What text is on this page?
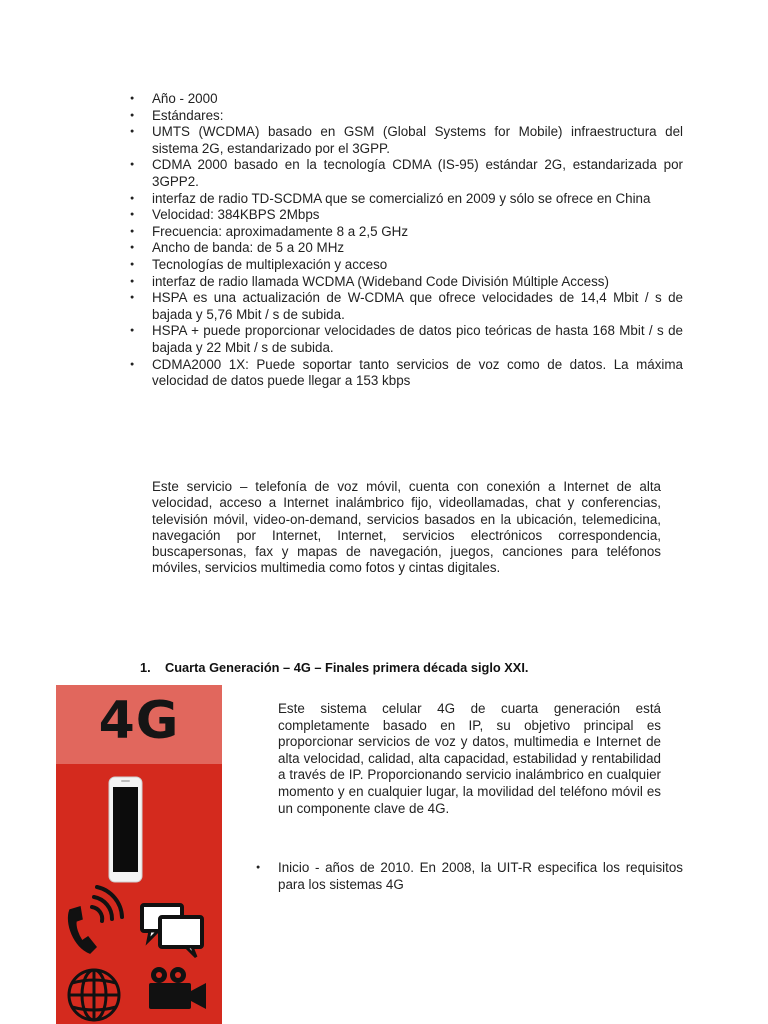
● Año - 2000
● Estándares:
● UMTS (WCDMA) basado en GSM (Global Systems for Mobile) infraestructura del sistema 2G, estandarizado por el 3GPP.
● CDMA 2000 basado en la tecnología CDMA (IS-95) estándar 2G, estandarizada por 3GPP2.
● interfaz de radio TD-SCDMA que se comercializó en 2009 y sólo se ofrece en China
● Velocidad: 384KBPS 2Mbps
● Frecuencia: aproximadamente 8 a 2,5 GHz
● Ancho de banda: de 5 a 20 MHz
● Tecnologías de multiplexación y acceso
● interfaz de radio llamada WCDMA (Wideband Code División Múltiple Access)
● HSPA es una actualización de W-CDMA que ofrece velocidades de 14,4 Mbit / s de bajada y 5,76 Mbit / s de subida.
● HSPA + puede proporcionar velocidades de datos pico teóricas de hasta 168 Mbit / s de bajada y 22 Mbit / s de subida.
● CDMA2000 1X: Puede soportar tanto servicios de voz como de datos. La máxima velocidad de datos puede llegar a 153 kbps

Este servicio – telefonía de voz móvil, cuenta con conexión a Internet de alta velocidad, acceso a Internet inalámbrico fijo, videollamadas, chat y conferencias, televisión móvil, video-on-demand, servicios basados en la ubicación, telemedicina, navegación por Internet, Internet, servicios electrónicos correspondencia, buscapersonas, fax y mapas de navegación, juegos, canciones para teléfonos móviles, servicios multimedia como fotos y cintas digitales.

1. Cuarta Generación – 4G – Finales primera década siglo XXI.
4G	Este sistema celular 4G de cuarta generación está completamente basado en IP, su objetivo principal es proporcionar servicios de voz y datos, multimedia e Internet de alta velocidad, calidad, alta capacidad, estabilidad y rentabilidad a través de IP. Proporcionando servicio inalámbrico en cualquier momento y en cualquier lugar, la movilidad del teléfono móvil es un componente clave de 4G.

● Inicio - años de 2010. En 2008, la UIT-R especifica los requisitos para los sistemas 4G
